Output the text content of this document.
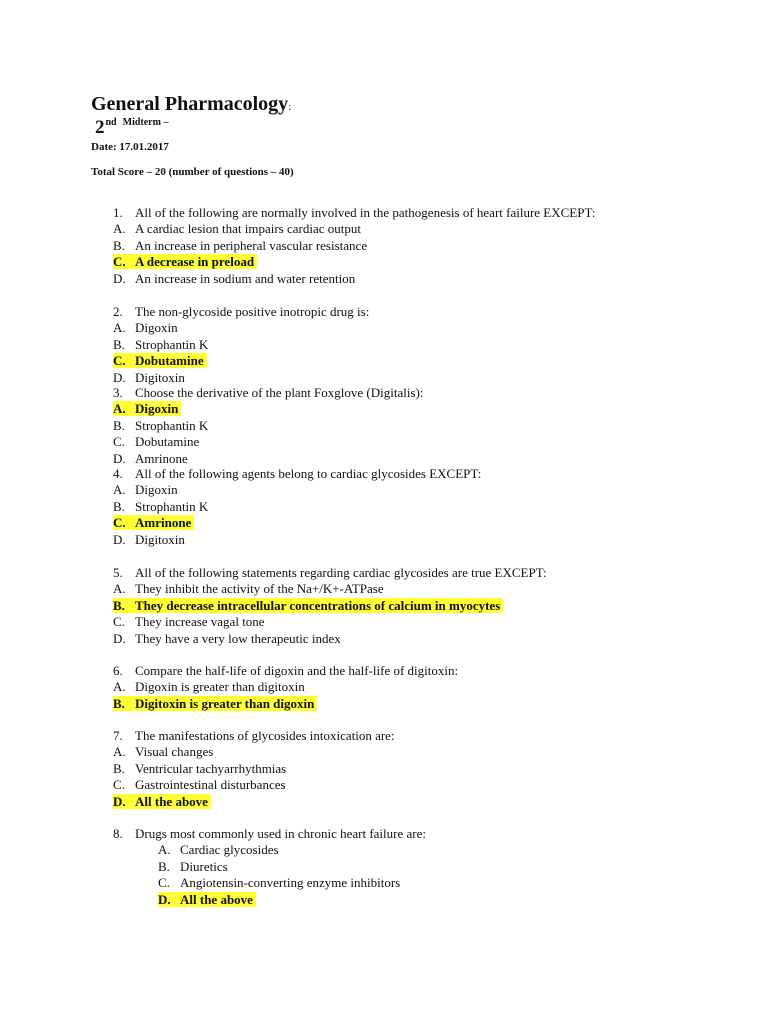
General Pharmacology:
2nd $^{Midterm -}$
Date: 17.01.2017
Total Score – 20 (number of questions – 40)
1. All of the following are normally involved in the pathogenesis of heart failure EXCEPT:
A. A cardiac lesion that impairs cardiac output
B. An increase in peripheral vascular resistance
C. A decrease in preload
D. An increase in sodium and water retention
2. The non-glycoside positive inotropic drug is:
A. Digoxin
B. Strophantin K
C. Dobutamine
D. Digitoxin
3. Choose the derivative of the plant Foxglove (Digitalis):
A. Digoxin
B. Strophantin K
C. Dobutamine
D. Amrinone
4. All of the following agents belong to cardiac glycosides EXCEPT:
A. Digoxin
B. Strophantin K
C. Amrinone
D. Digitoxin
5. All of the following statements regarding cardiac glycosides are true EXCEPT:
A. They inhibit the activity of the Na+/K+-ATPase
B. They decrease intracellular concentrations of calcium in myocytes
C. They increase vagal tone
D. They have a very low therapeutic index
6. Compare the half-life of digoxin and the half-life of digitoxin:
A. Digoxin is greater than digitoxin
B. Digitoxin is greater than digoxin
7. The manifestations of glycosides intoxication are:
A. Visual changes
B. Ventricular tachyarrhythmias
C. Gastrointestinal disturbances
D. All the above
8. Drugs most commonly used in chronic heart failure are:
A. Cardiac glycosides
B. Diuretics
C. Angiotensin-converting enzyme inhibitors
D. All the above
